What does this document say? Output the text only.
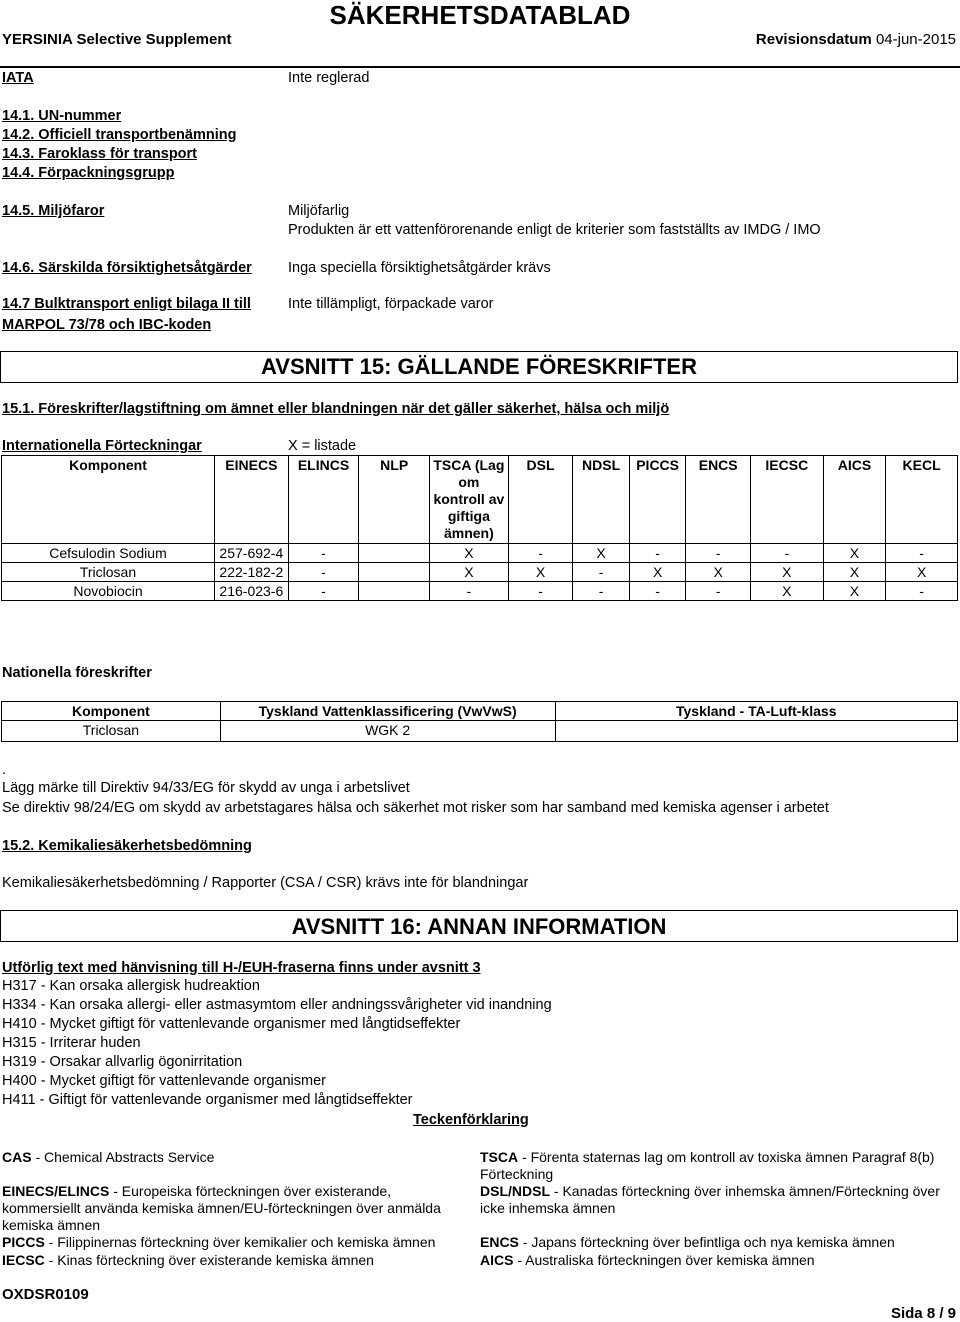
SÄKERHETSDATABLAD
YERSINIA Selective Supplement	Revisionsdatum 04-jun-2015
IATA	Inte reglerad
14.1. UN-nummer
14.2. Officiell transportbenämning
14.3. Faroklass för transport
14.4. Förpackningsgrupp
14.5. Miljöfaror	Miljöfarlig
Produkten är ett vattenförorenande enligt de kriterier som fastställts av IMDG / IMO
14.6. Särskilda försiktighetsåtgärder Inga speciella försiktighetsåtgärder krävs
14.7 Bulktransport enligt bilaga II till
MARPOL 73/78 och IBC-koden
Inte tillämpligt, förpackade varor
AVSNITT 15: GÄLLANDE FÖRESKRIFTER
15.1. Föreskrifter/lagstiftning om ämnet eller blandningen när det gäller säkerhet, hälsa och miljö
Internationella Förteckningar	X = listade
Komponent	EINECS	ELINCS	NLP	TSCA (Lag om kontroll av giftiga ämnen)	DSL	NDSL	PICCS	ENCS	IECSC	AICS	KECL
Cefsulodin Sodium	257-692-4	-		X	-	X	-	-	-	X	-
Triclosan	222-182-2	-		X	X	-	X	X	X	X	X
Novobiocin	216-023-6	-		-	-	-	-	-	X	X	-
Nationella föreskrifter
Komponent	Tyskland Vattenklassificering (VwVwS)	Tyskland - TA-Luft-klass
Triclosan	WGK 2	
.
Lägg märke till Direktiv 94/33/EG för skydd av unga i arbetslivet
Se direktiv 98/24/EG om skydd av arbetstagares hälsa och säkerhet mot risker som har samband med kemiska agenser i arbetet
15.2. Kemikaliesäkerhetsbedömning
Kemikaliesäkerhetsbedömning / Rapporter (CSA / CSR) krävs inte för blandningar
AVSNITT 16: ANNAN INFORMATION
Utförlig text med hänvisning till H-/EUH-fraserna finns under avsnitt 3
H317 - Kan orsaka allergisk hudreaktion
H334 - Kan orsaka allergi- eller astmasymtom eller andningssvårigheter vid inandning
H410 - Mycket giftigt för vattenlevande organismer med långtidseffekter
H315 - Irriterar huden
H319 - Orsakar allvarlig ögonirritation
H400 - Mycket giftigt för vattenlevande organismer
H411 - Giftigt för vattenlevande organismer med långtidseffekter
Teckenförklaring
CAS - Chemical Abstracts Service
EINECS/ELINCS - Europeiska förteckningen över existerande, kommersiellt använda kemiska ämnen/EU-förteckningen över anmälda kemiska ämnen
PICCS - Filippinernas förteckning över kemikalier och kemiska ämnen
IECSC - Kinas förteckning över existerande kemiska ämnen
TSCA - Förenta staternas lag om kontroll av toxiska ämnen Paragraf 8(b) Förteckning
DSL/NDSL - Kanadas förteckning över inhemska ämnen/Förteckning över icke inhemska ämnen
ENCS - Japans förteckning över befintliga och nya kemiska ämnen
AICS - Australiska förteckningen över kemiska ämnen
OXDSR0109
Sida 8 / 9
